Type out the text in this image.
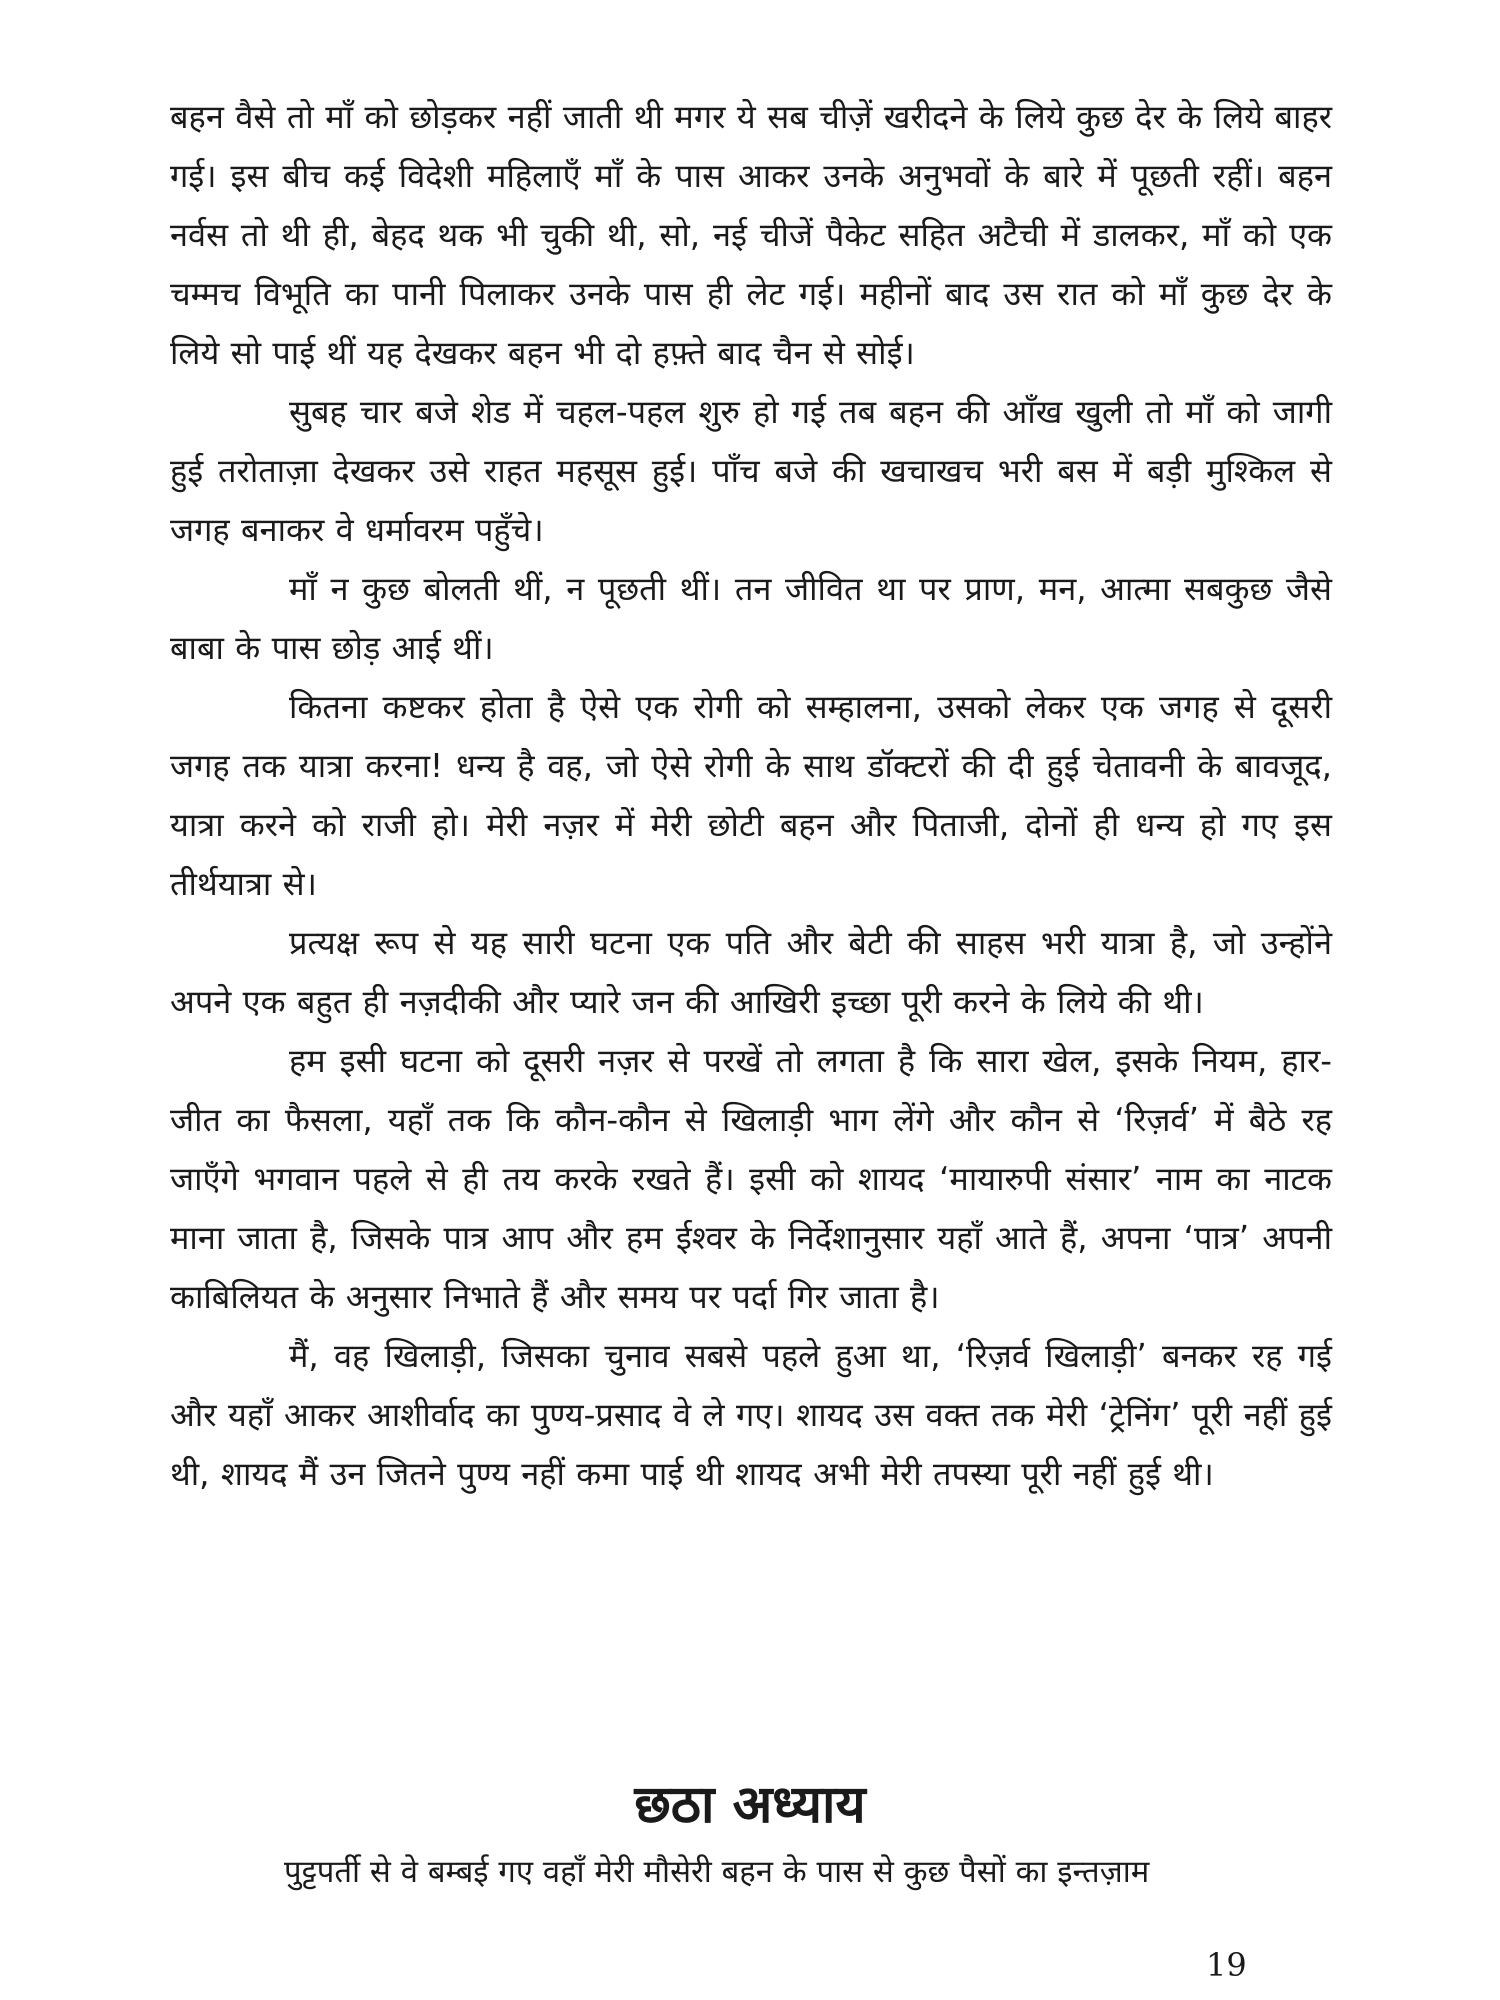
बहन वैसे तो माँ को छोड़कर नहीं जाती थी मगर ये सब चीज़ें खरीदने के लिये कुछ देर के लिये बाहर गई। इस बीच कई विदेशी महिलाएँ माँ के पास आकर उनके अनुभवों के बारे में पूछती रहीं। बहन नर्वस तो थी ही, बेहद थक भी चुकी थी, सो, नई चीजें पैकेट सहित अटैची में डालकर, माँ को एक चम्मच विभूति का पानी पिलाकर उनके पास ही लेट गई। महीनों बाद उस रात को माँ कुछ देर के लिये सो पाई थीं यह देखकर बहन भी दो हफ़्ते बाद चैन से सोई।

सुबह चार बजे शेड में चहल-पहल शुरु हो गई तब बहन की आँख खुली तो माँ को जागी हुई तरोताज़ा देखकर उसे राहत महसूस हुई। पाँच बजे की खचाखच भरी बस में बड़ी मुश्किल से जगह बनाकर वे धर्मावरम पहुँचे।

माँ न कुछ बोलती थीं, न पूछती थीं। तन जीवित था पर प्राण, मन, आत्मा सबकुछ जैसे बाबा के पास छोड़ आई थीं।

कितना कष्टकर होता है ऐसे एक रोगी को सम्हालना, उसको लेकर एक जगह से दूसरी जगह तक यात्रा करना! धन्य है वह, जो ऐसे रोगी के साथ डॉक्टरों की दी हुई चेतावनी के बावजूद, यात्रा करने को राजी हो। मेरी नज़र में मेरी छोटी बहन और पिताजी, दोनों ही धन्य हो गए इस तीर्थयात्रा से।

प्रत्यक्ष रूप से यह सारी घटना एक पति और बेटी की साहस भरी यात्रा है, जो उन्होंने अपने एक बहुत ही नज़दीकी और प्यारे जन की आखिरी इच्छा पूरी करने के लिये की थी।

हम इसी घटना को दूसरी नज़र से परखें तो लगता है कि सारा खेल, इसके नियम, हार-जीत का फैसला, यहाँ तक कि कौन-कौन से खिलाड़ी भाग लेंगे और कौन से ‘रिज़र्व’ में बैठे रह जाएँगे भगवान पहले से ही तय करके रखते हैं। इसी को शायद ‘मायारुपी संसार’ नाम का नाटक माना जाता है, जिसके पात्र आप और हम ईश्वर के निर्देशानुसार यहाँ आते हैं, अपना ‘पात्र’ अपनी काबिलियत के अनुसार निभाते हैं और समय पर पर्दा गिर जाता है।

मैं, वह खिलाड़ी, जिसका चुनाव सबसे पहले हुआ था, ‘रिज़र्व खिलाड़ी’ बनकर रह गई और यहाँ आकर आशीर्वाद का पुण्य-प्रसाद वे ले गए। शायद उस वक्त तक मेरी ‘ट्रेनिंग’ पूरी नहीं हुई थी, शायद मैं उन जितने पुण्य नहीं कमा पाई थी शायद अभी मेरी तपस्या पूरी नहीं हुई थी।

छठा अध्याय

पुट्टपर्ती से वे बम्बई गए वहाँ मेरी मौसेरी बहन के पास से कुछ पैसों का इन्तज़ाम

19
